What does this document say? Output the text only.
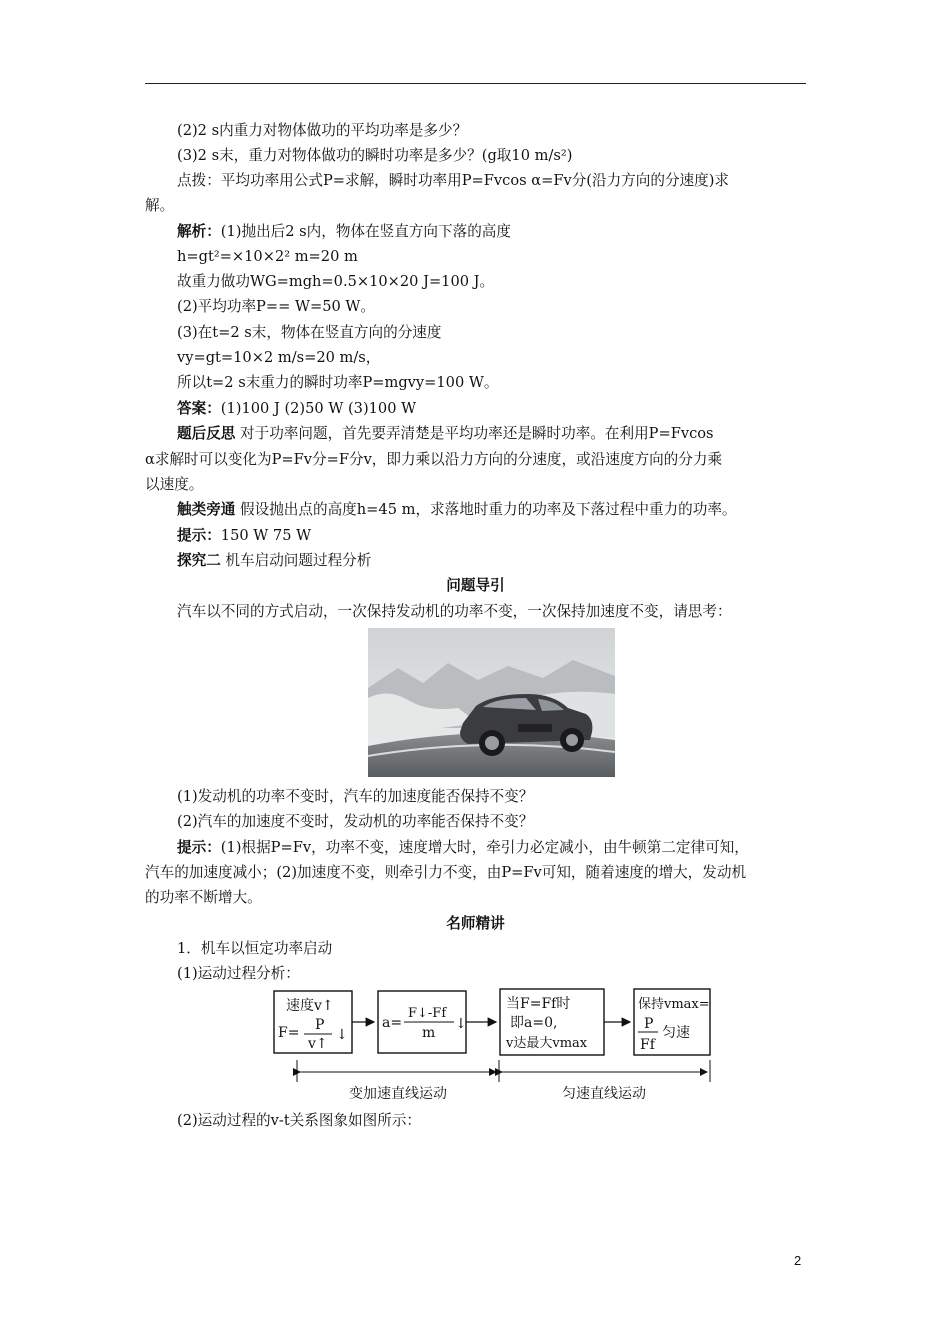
(2)2 s内重力对物体做功的平均功率是多少？
(3)2 s末，重力对物体做功的瞬时功率是多少？(g取10 m/s²)
点拨：平均功率用公式P=求解，瞬时功率用P=Fvcos α=Fv分(沿力方向的分速度)求
解。
解析：(1)抛出后2 s内，物体在竖直方向下落的高度
h=gt²=×10×2² m=20 m
故重力做功WG=mgh=0.5×10×20 J=100 J。
(2)平均功率P== W=50 W。
(3)在t=2 s末，物体在竖直方向的分速度
vy=gt=10×2 m/s=20 m/s，
所以t=2 s末重力的瞬时功率P=mgvy=100 W。
答案：(1)100 J (2)50 W (3)100 W
题后反思 对于功率问题，首先要弄清楚是平均功率还是瞬时功率。在利用P=Fvcos
α求解时可以变化为P=Fv分=F分v，即力乘以沿力方向的分速度，或沿速度方向的分力乘
以速度。
触类旁通 假设抛出点的高度h=45 m，求落地时重力的功率及下落过程中重力的功率。
提示：150 W 75 W
探究二 机车启动问题过程分析
问题导引
汽车以不同的方式启动，一次保持发动机的功率不变，一次保持加速度不变，请思考：
(1)发动机的功率不变时，汽车的加速度能否保持不变？
(2)汽车的加速度不变时，发动机的功率能否保持不变？
提示：(1)根据P=Fv，功率不变，速度增大时，牵引力必定减小，由牛顿第二定律可知，
汽车的加速度减小；(2)加速度不变，则牵引力不变，由P=Fv可知，随着速度的增大，发动机
的功率不断增大。
名师精讲
1．机车以恒定功率启动
(1)运动过程分析：
速度v↑
F= P
v↑
↓
a=
F↓-Ff
m
↓
当F=Ff时
即a=0,
v达最大vmax
保持vmax=
P
Ff
匀速
变加速直线运动	匀速直线运动
(2)运动过程的v-t关系图象如图所示：
2
